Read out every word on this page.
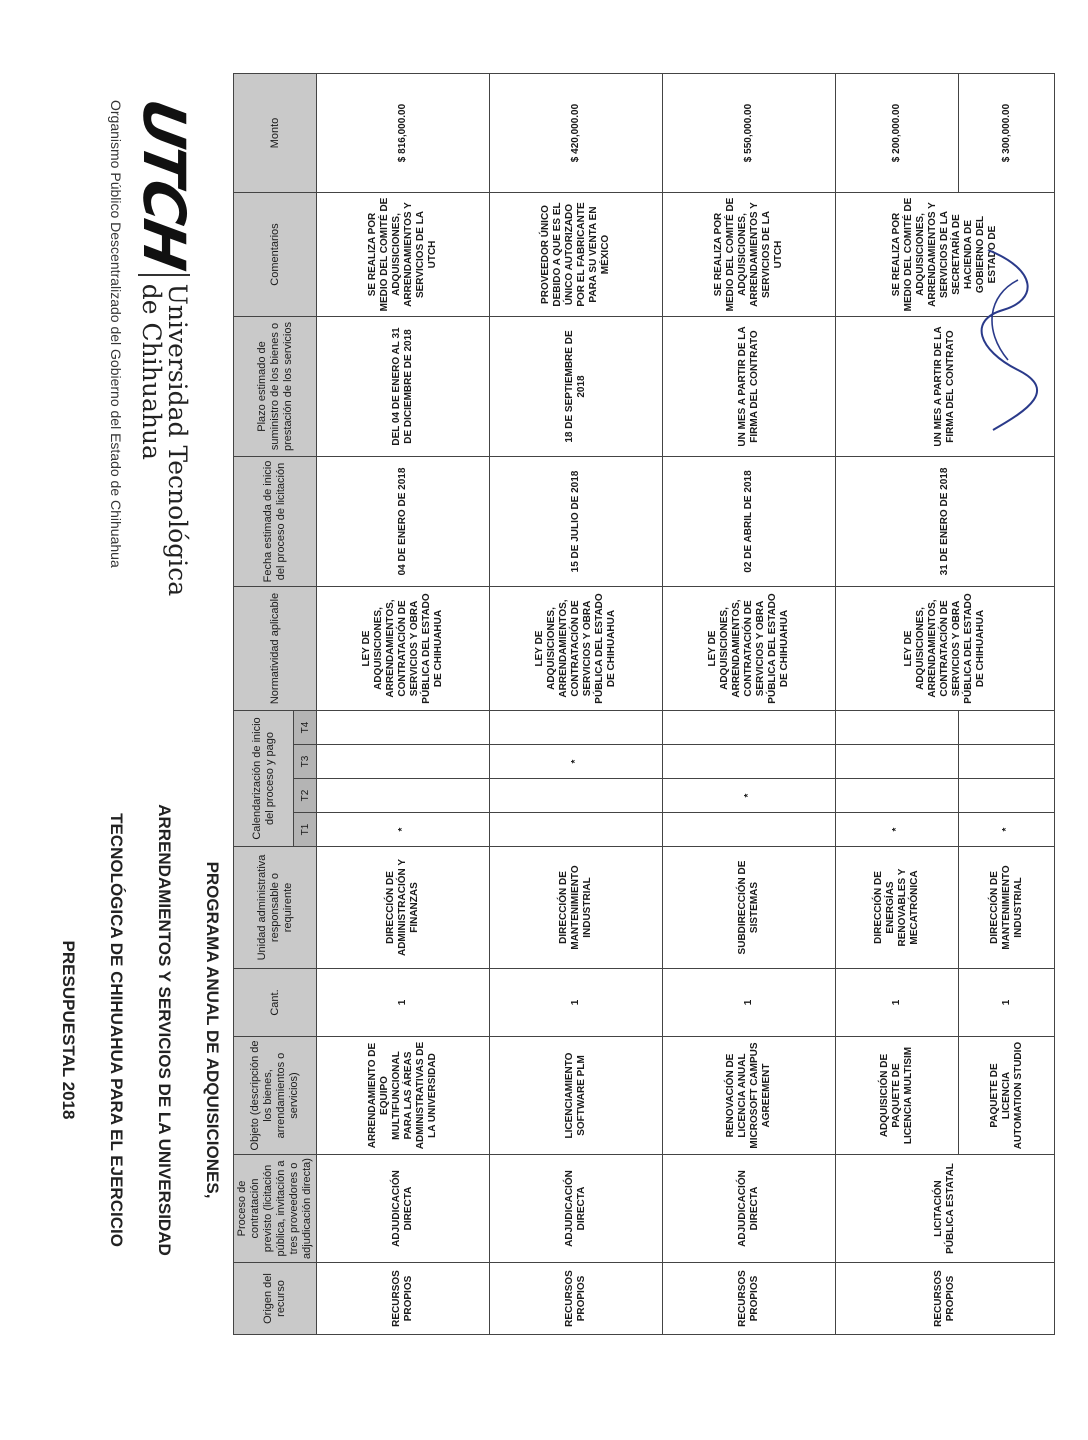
UTCH
Universidad Tecnológica
de Chihuahua
Organismo Público Descentralizado del Gobierno del Estado de Chihuahua

PROGRAMA ANUAL DE ADQUISICIONES,

ARRENDAMIENTOS Y SERVICIOS DE LA UNIVERSIDAD

TECNOLÓGICA DE CHIHUAHUA PARA EL EJERCICIO

PRESUPUESTAL 2018

Origen del recurso	Proceso de contratación previsto (licitación pública, invitación a tres proveedores o adjudicación directa)	Objeto (descripción de los bienes, arrendamientos o servicios)	Cant.	Unidad administrativa responsable o requirente	Calendarización de inicio del proceso y pago				Normatividad aplicable	Fecha estimada de inicio del proceso de licitación	Plazo estimado de suministro de los bienes o prestación de los servicios	Comentarios	Monto
					T1	T2	T3	T4					
RECURSOS PROPIOS	ADJUDICACIÓN DIRECTA	ARRENDAMIENTO DE EQUIPO MULTIFUNCIONAL PARA LAS ÁREAS ADMINISTRATIVAS DE LA UNIVERSIDAD	1	DIRECCIÓN DE ADMINISTRACIÓN Y FINANZAS	*				LEY DE ADQUISICIONES, ARRENDAMIENTOS, CONTRATACIÓN DE SERVICIOS Y OBRA PÚBLICA DEL ESTADO DE CHIHUAHUA	04 DE ENERO DE 2018	DEL 04 DE ENERO AL 31 DE DICIEMBRE DE 2018	SE REALIZA POR MEDIO DEL COMITÉ DE ADQUISICIONES, ARRENDAMIENTOS Y SERVICIOS DE LA UTCH	$ 816,000.00
RECURSOS PROPIOS	ADJUDICACIÓN DIRECTA	LICENCIAMIENTO SOFTWARE PLM	1	DIRECCIÓN DE MANTENIMIENTO INDUSTRIAL			*		LEY DE ADQUISICIONES, ARRENDAMIENTOS, CONTRATACIÓN DE SERVICIOS Y OBRA PÚBLICA DEL ESTADO DE CHIHUAHUA	15 DE JULIO DE 2018	18 DE SEPTIEMBRE DE 2018	PROVEEDOR ÚNICO DEBIDO A QUE ES EL ÚNICO AUTORIZADO POR EL FABRICANTE PARA SU VENTA EN MÉXICO	$ 420,000.00
RECURSOS PROPIOS	ADJUDICACIÓN DIRECTA	RENOVACIÓN DE LICENCIA ANUAL MICROSOFT CAMPUS AGREEMENT	1	SUBDIRECCIÓN DE SISTEMAS		*			LEY DE ADQUISICIONES, ARRENDAMIENTOS, CONTRATACIÓN DE SERVICIOS Y OBRA PÚBLICA DEL ESTADO DE CHIHUAHUA	02 DE ABRIL DE 2018	UN MES A PARTIR DE LA FIRMA DEL CONTRATO	SE REALIZA POR MEDIO DEL COMITÉ DE ADQUISICIONES, ARRENDAMIENTOS Y SERVICIOS DE LA UTCH	$ 550,000.00
RECURSOS PROPIOS	LICITACIÓN PÚBLICA ESTATAL	ADQUISICIÓN DE PAQUETE DE LICENCIA MULTISIM	1	DIRECCIÓN DE ENERGÍAS RENOVABLES Y MECATRÓNICA	*				LEY DE ADQUISICIONES, ARRENDAMIENTOS, CONTRATACIÓN DE SERVICIOS Y OBRA PÚBLICA DEL ESTADO DE CHIHUAHUA	31 DE ENERO DE 2018	UN MES A PARTIR DE LA FIRMA DEL CONTRATO	SE REALIZA POR MEDIO DEL COMITÉ DE ADQUISICIONES, ARRENDAMIENTOS Y SERVICIOS DE LA SECRETARÍA DE HACIENDA DE GOBIERNO DEL ESTADO DE	$ 200,000.00
		PAQUETE DE LICENCIA AUTOMATION STUDIO	1	DIRECCIÓN DE MANTENIMIENTO INDUSTRIAL	*								$ 300,000.00
